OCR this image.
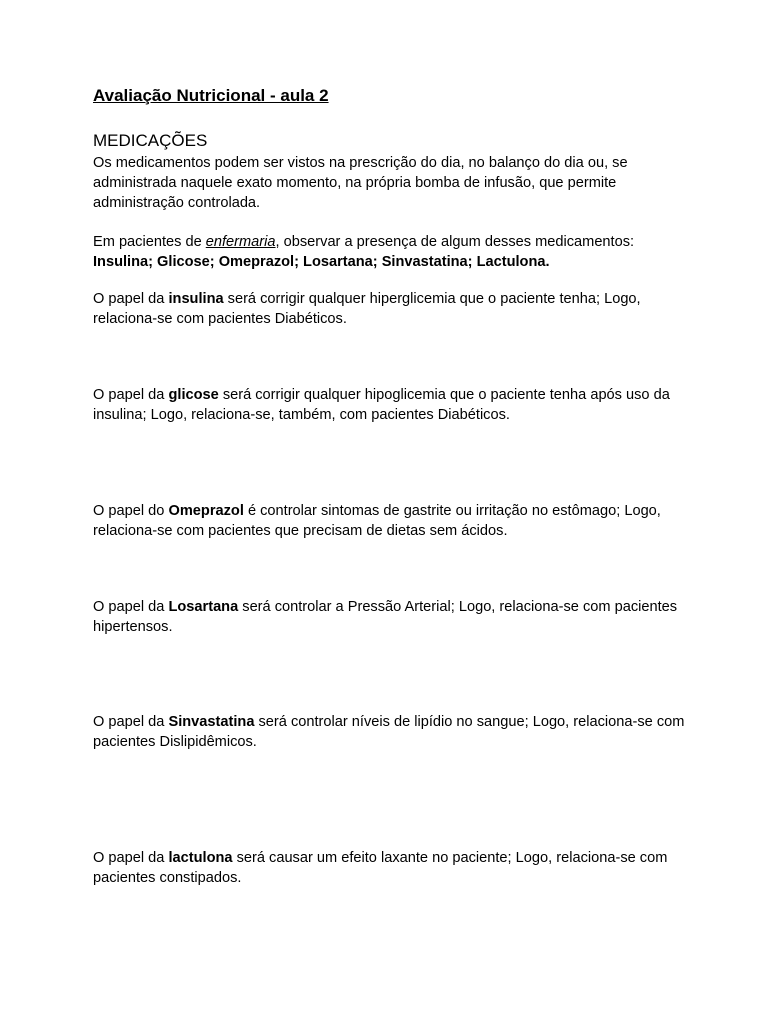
Avaliação Nutricional - aula 2
MEDICAÇÕES
Os medicamentos podem ser vistos na prescrição do dia, no balanço do dia ou, se administrada naquele exato momento, na própria bomba de infusão, que permite administração controlada.
Em pacientes de enfermaria, observar a presença de algum desses medicamentos:
Insulina; Glicose; Omeprazol; Losartana; Sinvastatina; Lactulona.
O papel da insulina será corrigir qualquer hiperglicemia que o paciente tenha; Logo, relaciona-se com pacientes Diabéticos.
O papel da glicose será corrigir qualquer hipoglicemia que o paciente tenha após uso da insulina; Logo, relaciona-se, também, com pacientes Diabéticos.
O papel do Omeprazol é controlar sintomas de gastrite ou irritação no estômago; Logo, relaciona-se com pacientes que precisam de dietas sem ácidos.
O papel da Losartana será controlar a Pressão Arterial; Logo, relaciona-se com pacientes hipertensos.
O papel da Sinvastatina será controlar níveis de lipídio no sangue; Logo, relaciona-se com pacientes Dislipidêmicos.
O papel da lactulona será causar um efeito laxante no paciente; Logo, relaciona-se com pacientes constipados.
